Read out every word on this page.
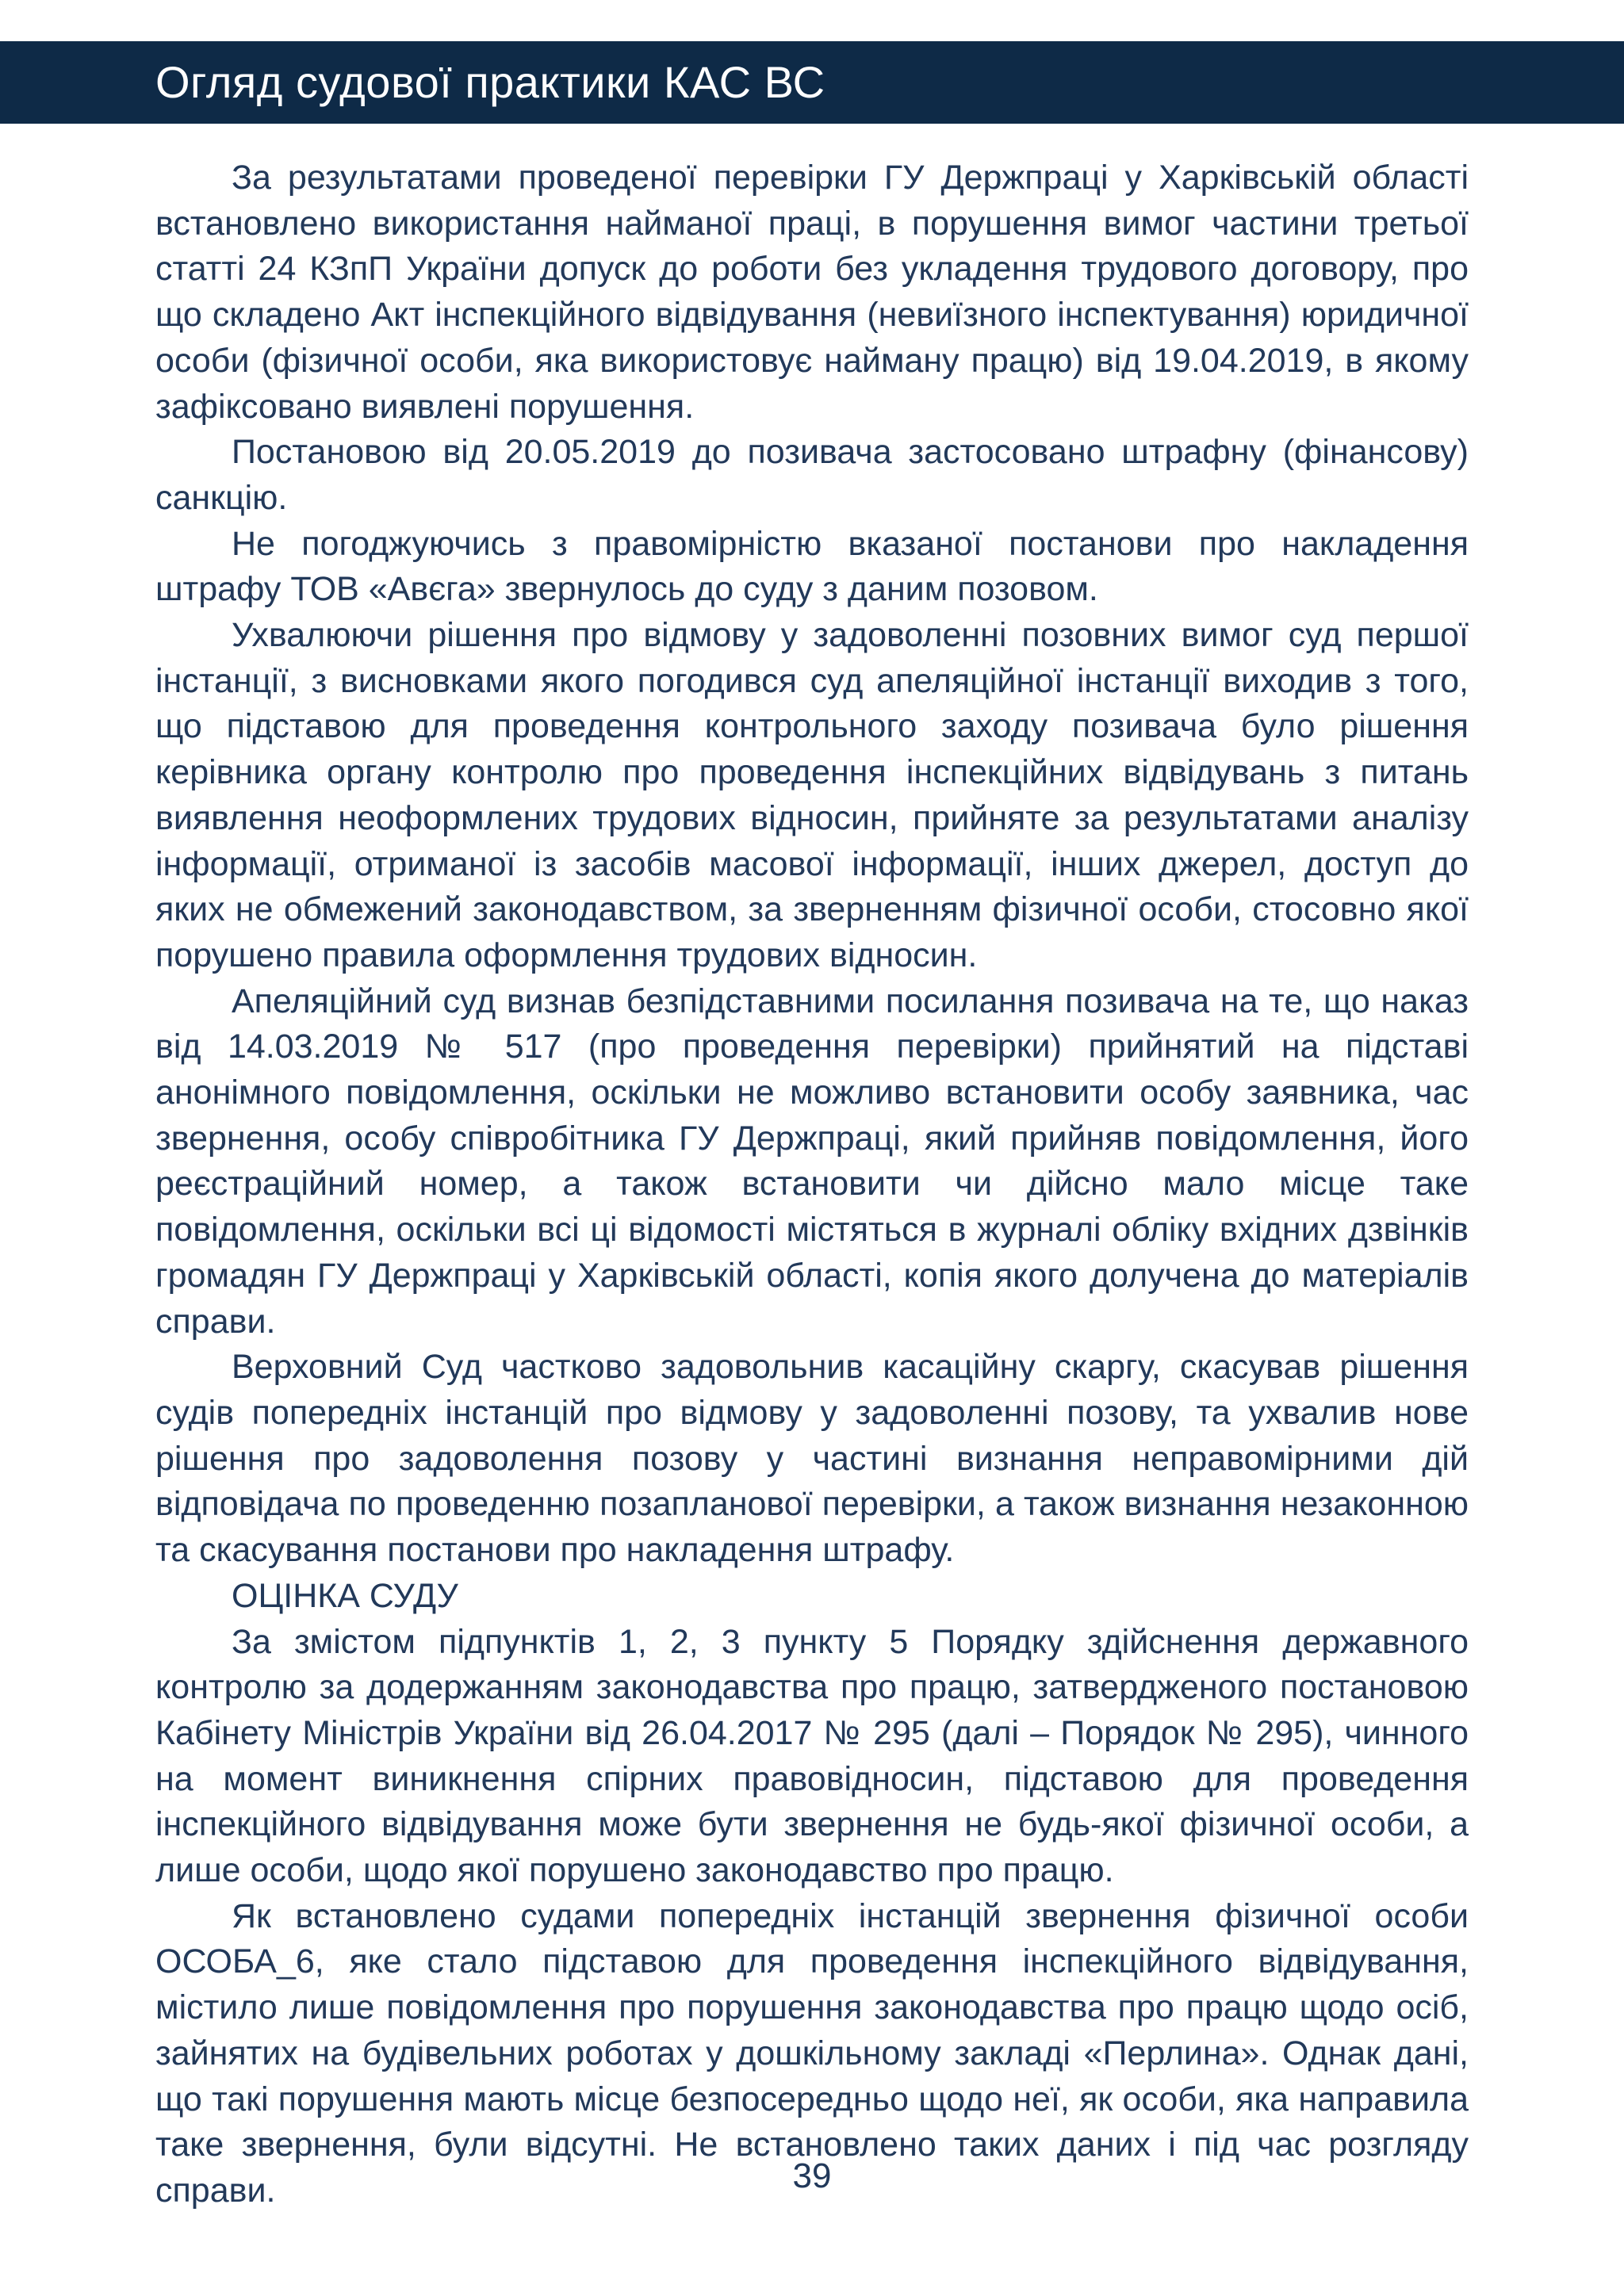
Огляд судової практики КАС ВС

За результатами проведеної перевірки ГУ Держпраці у Харківській області встановлено використання найманої праці, в порушення вимог частини третьої статті 24 КЗпП України допуск до роботи без укладення трудового договору, про що складено Акт інспекційного відвідування (невиїзного інспектування) юридичної особи (фізичної особи, яка використовує найману працю) від 19.04.2019, в якому зафіксовано виявлені порушення.

Постановою від 20.05.2019 до позивача застосовано штрафну (фінансову) санкцію.

Не погоджуючись з правомірністю вказаної постанови про накладення штрафу ТОВ «Авєга» звернулось до суду з даним позовом.

Ухвалюючи рішення про відмову у задоволенні позовних вимог суд першої інстанції, з висновками якого погодився суд апеляційної інстанції виходив з того, що підставою для проведення контрольного заходу позивача було рішення керівника органу контролю про проведення інспекційних відвідувань з питань виявлення неоформлених трудових відносин, прийняте за результатами аналізу інформації, отриманої із засобів масової інформації, інших джерел, доступ до яких не обмежений законодавством, за зверненням фізичної особи, стосовно якої порушено правила оформлення трудових відносин.

Апеляційний суд визнав безпідставними посилання позивача на те, що наказ від 14.03.2019 № 517 (про проведення перевірки) прийнятий на підставі анонімного повідомлення, оскільки не можливо встановити особу заявника, час звернення, особу співробітника ГУ Держпраці, який прийняв повідомлення, його реєстраційний номер, а також встановити чи дійсно мало місце таке повідомлення, оскільки всі ці відомості містяться в журналі обліку вхідних дзвінків громадян ГУ Держпраці у Харківській області, копія якого долучена до матеріалів справи.

Верховний Суд частково задовольнив касаційну скаргу, скасував рішення судів попередніх інстанцій про відмову у задоволенні позову, та ухвалив нове рішення про задоволення позову у частині визнання неправомірними дій відповідача по проведенню позапланової перевірки, а також визнання незаконною та скасування постанови про накладення штрафу.

ОЦІНКА СУДУ

За змістом підпунктів 1, 2, 3 пункту 5 Порядку здійснення державного контролю за додержанням законодавства про працю, затвердженого постановою Кабінету Міністрів України від 26.04.2017 № 295 (далі – Порядок № 295), чинного на момент виникнення спірних правовідносин, підставою для проведення інспекційного відвідування може бути звернення не будь-якої фізичної особи, а лише особи, щодо якої порушено законодавство про працю.

Як встановлено судами попередніх інстанцій звернення фізичної особи ОСОБА_6, яке стало підставою для проведення інспекційного відвідування, містило лише повідомлення про порушення законодавства про працю щодо осіб, зайнятих на будівельних роботах у дошкільному закладі «Перлина». Однак дані, що такі порушення мають місце безпосередньо щодо неї, як особи, яка направила таке звернення, були відсутні. Не встановлено таких даних і під час розгляду справи.	39
